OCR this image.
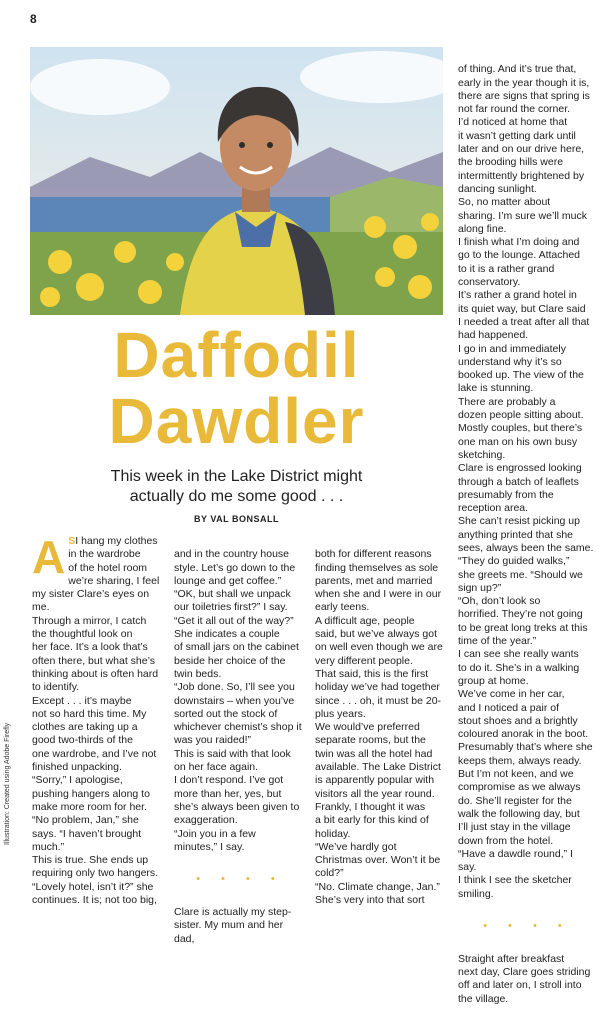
8
Daffodil
Dawdler
This week in the Lake District might
actually do me some good . . .
BY VAL BONSALL
A SI hang my clothes
in the wardrobe
of the hotel room
we’re sharing, I feel
my sister Clare’s eyes on me.
Through a mirror, I catch
the thoughtful look on
her face. It’s a look that’s
often there, but what she’s
thinking about is often hard
to identify.
Except . . . it’s maybe
not so hard this time. My
clothes are taking up a
good two-thirds of the
one wardrobe, and I’ve not
finished unpacking.
“Sorry,” I apologise,
pushing hangers along to
make more room for her.
“No problem, Jan,” she
says. “I haven’t brought
much.”
This is true. She ends up
requiring only two hangers.
“Lovely hotel, isn’t it?” she
continues. It is; not too big,

and in the country house
style. Let’s go down to the
lounge and get coffee.”
“OK, but shall we unpack
our toiletries first?” I say.
“Get it all out of the way?”
She indicates a couple
of small jars on the cabinet
beside her choice of the
twin beds.
“Job done. So, I’ll see you
downstairs – when you’ve
sorted out the stock of
whichever chemist’s shop it
was you raided!”
This is said with that look
on her face again.
I don’t respond. I’ve got
more than her, yes, but
she’s always been given to
exaggeration.
“Join you in a few
minutes,” I say.

• • • •

Clare is actually my step-
sister. My mum and her dad,

both for different reasons
finding themselves as sole
parents, met and married
when she and I were in our
early teens.
A difficult age, people
said, but we’ve always got
on well even though we are
very different people.
That said, this is the first
holiday we’ve had together
since . . . oh, it must be 20-
plus years.
We would’ve preferred
separate rooms, but the
twin was all the hotel had
available. The Lake District
is apparently popular with
visitors all the year round.
Frankly, I thought it was
a bit early for this kind of
holiday.
“We’ve hardly got
Christmas over. Won’t it be
cold?”
“No. Climate change, Jan.”
She’s very into that sort

of thing. And it’s true that,
early in the year though it is,
there are signs that spring is
not far round the corner.
I’d noticed at home that
it wasn’t getting dark until
later and on our drive here,
the brooding hills were
intermittently brightened by
dancing sunlight.
So, no matter about
sharing. I’m sure we’ll muck
along fine.
I finish what I’m doing and
go to the lounge. Attached
to it is a rather grand
conservatory.
It’s rather a grand hotel in
its quiet way, but Clare said
I needed a treat after all that
had happened.
I go in and immediately
understand why it’s so
booked up. The view of the
lake is stunning.
There are probably a
dozen people sitting about.
Mostly couples, but there’s
one man on his own busy
sketching.
Clare is engrossed looking
through a batch of leaflets
presumably from the
reception area.
She can’t resist picking up
anything printed that she
sees, always been the same.
“They do guided walks,”
she greets me. “Should we
sign up?”
“Oh, don’t look so
horrified. They’re not going
to be great long treks at this
time of the year.”
I can see she really wants
to do it. She’s in a walking
group at home.
We’ve come in her car,
and I noticed a pair of
stout shoes and a brightly
coloured anorak in the boot.
Presumably that’s where she
keeps them, always ready.
But I’m not keen, and we
compromise as we always
do. She’ll register for the
walk the following day, but
I’ll just stay in the village
down from the hotel.
“Have a dawdle round,” I
say.
I think I see the sketcher
smiling.

• • • •

Straight after breakfast
next day, Clare goes striding
off and later on, I stroll into
the village.

Illustration: Created using Adobe Firefly
